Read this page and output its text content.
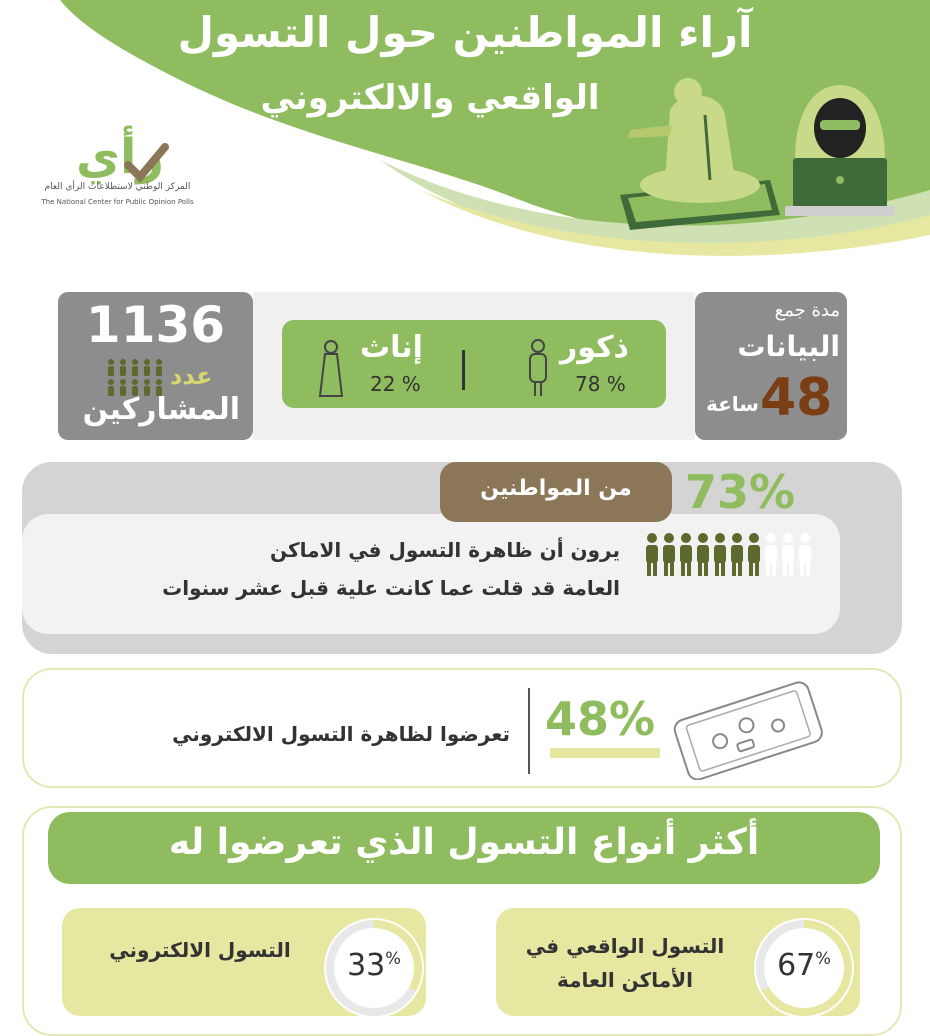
آراء المواطنين حول التسول
الواقعي والالكتروني
رأي
المركز الوطني لاستطلاعات الرأي العام
The National Center for Public Opinion Polls
1136
عدد
المشاركين
ذكور
78 %
إناث
22 %
مدة جمع
البيانات
48
ساعة
من المواطنين	73%
يرون أن ظاهرة التسول في الاماكن
العامة قد قلت عما كانت علية قبل عشر سنوات
تعرضوا لظاهرة التسول الالكتروني 48%
أكثر أنواع التسول الذي تعرضوا له
التسول الواقعي في
الأماكن العامة	67%
التسول الالكتروني	33%
